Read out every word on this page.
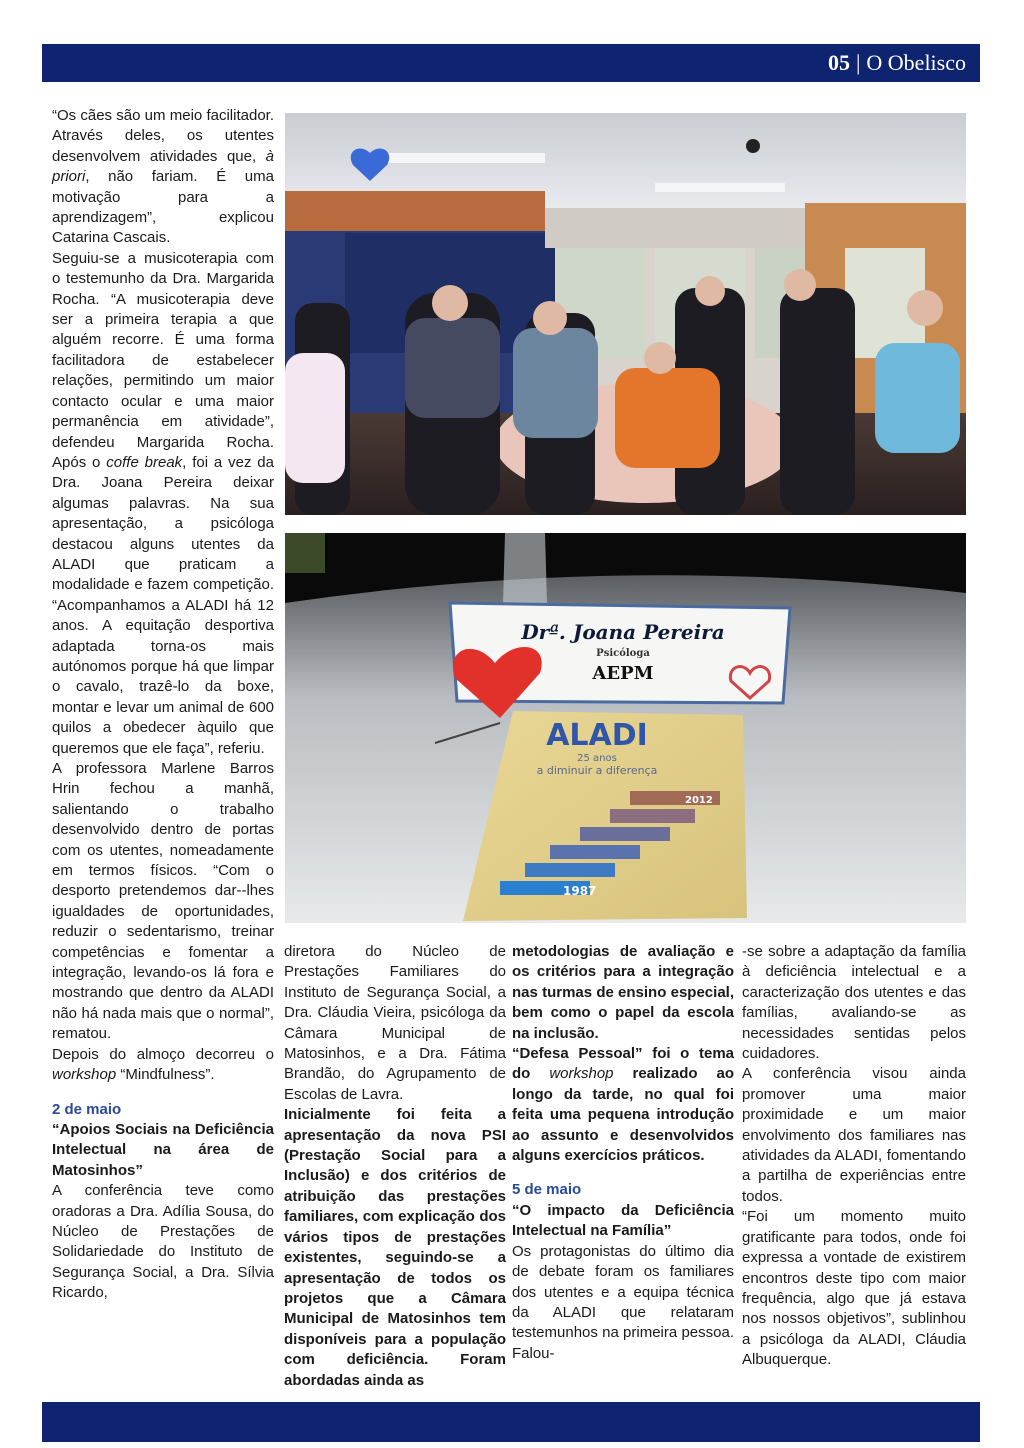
05 | O Obelisco

“Os cães são um meio facilitador. Através deles, os utentes desenvolvem atividades que, à priori, não fariam. É uma motivação para a aprendizagem”, explicou Catarina Cascais.

Seguiu-se a musicoterapia com o testemunho da Dra. Margarida Rocha. “A musicoterapia deve ser a primeira terapia a que alguém recorre. É uma forma facilitadora de estabelecer relações, permitindo um maior contacto ocular e uma maior permanência em atividade”, defendeu Margarida Rocha. Após o coffe break, foi a vez da Dra. Joana Pereira deixar algumas palavras. Na sua apresentação, a psicóloga destacou alguns utentes da ALADI que praticam a modalidade e fazem competição. “Acompanhamos a ALADI há 12 anos. A equitação desportiva adaptada torna-os mais autónomos porque há que limpar o cavalo, trazê-lo da boxe, montar e levar um animal de 600 quilos a obedecer àquilo que queremos que ele faça”, referiu.

A professora Marlene Barros Hrin fechou a manhã, salientando o trabalho desenvolvido dentro de portas com os utentes, nomeadamente em termos físicos. “Com o desporto pretendemos dar--lhes igualdades de oportunidades, reduzir o sedentarismo, treinar competências e fomentar a integração, levando-os lá fora e mostrando que dentro da ALADI não há nada mais que o normal”, rematou.

Depois do almoço decorreu o workshop “Mindfulness”.

2 de maio

“Apoios Sociais na Deficiência Intelectual na área de Matosinhos”

A conferência teve como oradoras a Dra. Adília Sousa, do Núcleo de Prestações de Solidariedade do Instituto de Segurança Social, a Dra. Sílvia Ricardo,

diretora do Núcleo de Prestações Familiares do Instituto de Segurança Social, a Dra. Cláudia Vieira, psicóloga da Câmara Municipal de Matosinhos, e a Dra. Fátima Brandão, do Agrupamento de Escolas de Lavra.

Inicialmente foi feita a apresentação da nova PSI (Prestação Social para a Inclusão) e dos critérios de atribuição das prestações familiares, com explicação dos vários tipos de prestações existentes, seguindo-se a apresentação de todos os projetos que a Câmara Municipal de Matosinhos tem disponíveis para a população com deficiência. Foram abordadas ainda as

metodologias de avaliação e os critérios para a integração nas turmas de ensino especial, bem como o papel da escola na inclusão.

“Defesa Pessoal” foi o tema do workshop realizado ao longo da tarde, no qual foi feita uma pequena introdução ao assunto e desenvolvidos alguns exercícios práticos.

5 de maio

“O impacto da Deficiência Intelectual na Família”

Os protagonistas do último dia de debate foram os familiares dos utentes e a equipa técnica da ALADI que relataram testemunhos na primeira pessoa. Falou-

-se sobre a adaptação da família à deficiência intelectual e a caracterização dos utentes e das famílias, avaliando-se as necessidades sentidas pelos cuidadores.

A conferência visou ainda promover uma maior proximidade e um maior envolvimento dos familiares nas atividades da ALADI, fomentando a partilha de experiências entre todos.

“Foi um momento muito gratificante para todos, onde foi expressa a vontade de existirem encontros deste tipo com maior frequência, algo que já estava nos nossos objetivos”, sublinhou a psicóloga da ALADI, Cláudia Albuquerque.

Drª. Joana Pereira
Psicóloga
AEPM
ALADI
25 anos
a diminuir a diferença
2012
1987
